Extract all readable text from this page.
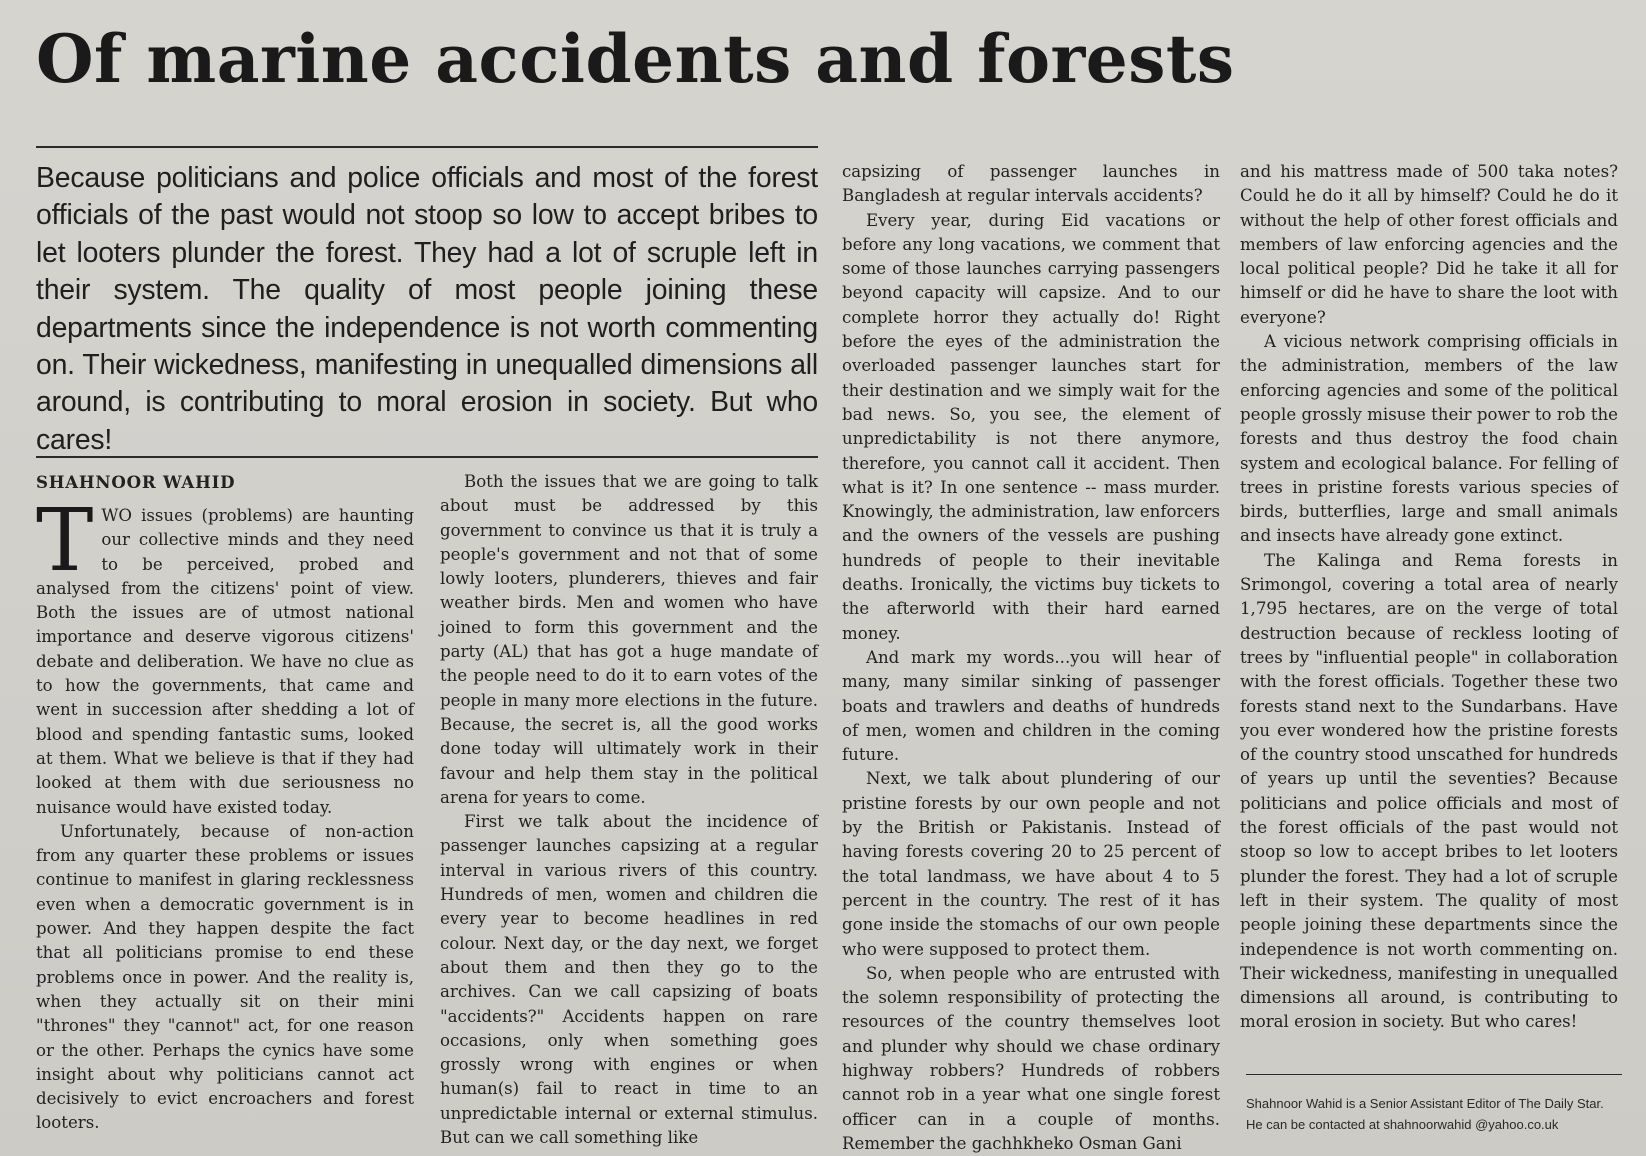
Of marine accidents and forests

Because politicians and police officials and most of the forest officials of the past would not stoop so low to accept bribes to let looters plunder the forest. They had a lot of scruple left in their system. The quality of most people joining these departments since the independence is not worth commenting on. Their wickedness, manifesting in unequalled dimensions all around, is contributing to moral erosion in society. But who cares!

SHAHNOOR WAHID

TWO issues (problems) are haunting our collective minds and they need to be perceived, probed and analysed from the citizens' point of view. Both the issues are of utmost national importance and deserve vigorous citizens' debate and deliberation. We have no clue as to how the governments, that came and went in succession after shedding a lot of blood and spending fantastic sums, looked at them. What we believe is that if they had looked at them with due seriousness no nuisance would have existed today.

Unfortunately, because of non-action from any quarter these problems or issues continue to manifest in glaring recklessness even when a democratic government is in power. And they happen despite the fact that all politicians promise to end these problems once in power. And the reality is, when they actually sit on their mini "thrones" they "cannot" act, for one reason or the other. Perhaps the cynics have some insight about why politicians cannot act decisively to evict encroachers and forest looters.

Both the issues that we are going to talk about must be addressed by this government to convince us that it is truly a people's government and not that of some lowly looters, plunderers, thieves and fair weather birds. Men and women who have joined to form this government and the party (AL) that has got a huge mandate of the people need to do it to earn votes of the people in many more elections in the future. Because, the secret is, all the good works done today will ultimately work in their favour and help them stay in the political arena for years to come.

First we talk about the incidence of passenger launches capsizing at a regular interval in various rivers of this country. Hundreds of men, women and children die every year to become headlines in red colour. Next day, or the day next, we forget about them and then they go to the archives. Can we call capsizing of boats "accidents?" Accidents happen on rare occasions, only when something goes grossly wrong with engines or when human(s) fail to react in time to an unpredictable internal or external stimulus. But can we call something like

capsizing of passenger launches in Bangladesh at regular intervals accidents?

Every year, during Eid vacations or before any long vacations, we comment that some of those launches carrying passengers beyond capacity will capsize. And to our complete horror they actually do! Right before the eyes of the administration the overloaded passenger launches start for their destination and we simply wait for the bad news. So, you see, the element of unpredictability is not there anymore, therefore, you cannot call it accident. Then what is it? In one sentence -- mass murder. Knowingly, the administration, law enforcers and the owners of the vessels are pushing hundreds of people to their inevitable deaths. Ironically, the victims buy tickets to the afterworld with their hard earned money.

And mark my words...you will hear of many, many similar sinking of passenger boats and trawlers and deaths of hundreds of men, women and children in the coming future.

Next, we talk about plundering of our pristine forests by our own people and not by the British or Pakistanis. Instead of having forests covering 20 to 25 percent of the total landmass, we have about 4 to 5 percent in the country. The rest of it has gone inside the stomachs of our own people who were supposed to protect them.

So, when people who are entrusted with the solemn responsibility of protecting the resources of the country themselves loot and plunder why should we chase ordinary highway robbers? Hundreds of robbers cannot rob in a year what one single forest officer can in a couple of months. Remember the gachhkheko Osman Gani

and his mattress made of 500 taka notes? Could he do it all by himself? Could he do it without the help of other forest officials and members of law enforcing agencies and the local political people? Did he take it all for himself or did he have to share the loot with everyone?

A vicious network comprising officials in the administration, members of the law enforcing agencies and some of the political people grossly misuse their power to rob the forests and thus destroy the food chain system and ecological balance. For felling of trees in pristine forests various species of birds, butterflies, large and small animals and insects have already gone extinct.

The Kalinga and Rema forests in Srimongol, covering a total area of nearly 1,795 hectares, are on the verge of total destruction because of reckless looting of trees by "influential people" in collaboration with the forest officials. Together these two forests stand next to the Sundarbans. Have you ever wondered how the pristine forests of the country stood unscathed for hundreds of years up until the seventies? Because politicians and police officials and most of the forest officials of the past would not stoop so low to accept bribes to let looters plunder the forest. They had a lot of scruple left in their system. The quality of most people joining these departments since the independence is not worth commenting on. Their wickedness, manifesting in unequalled dimensions all around, is contributing to moral erosion in society. But who cares!

Shahnoor Wahid is a Senior Assistant Editor of The Daily Star.
He can be contacted at shahnoorwahid @yahoo.co.uk
